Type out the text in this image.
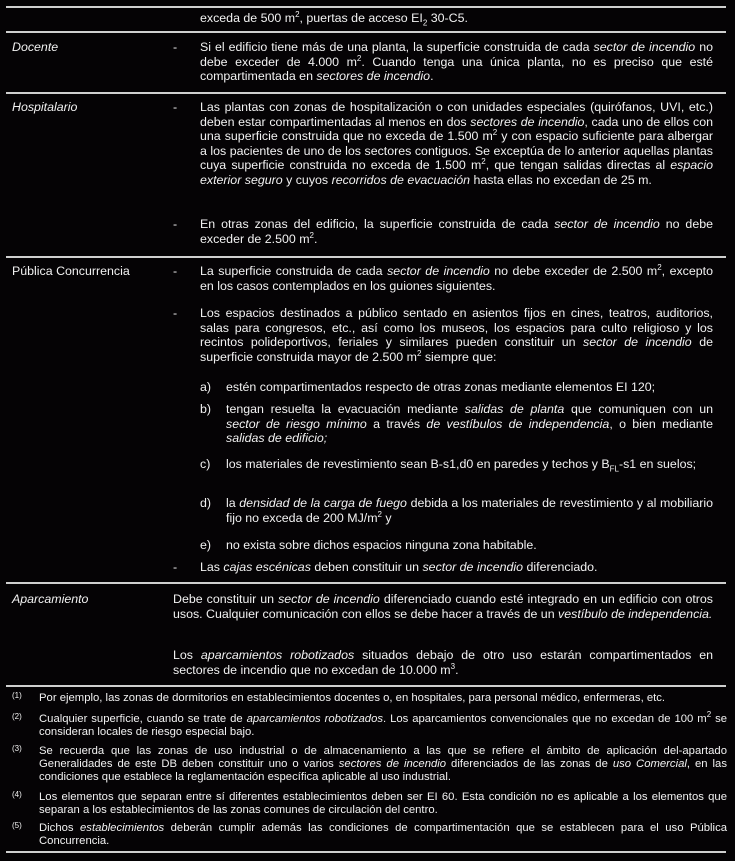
exceda de 500 $m^2$, puertas de acceso $EI_2$ 30-C5.
Docente	- Si el edificio tiene más de una planta, la superficie construida de cada sector de incendio no debe exceder de 4.000 $m^2$. Cuando tenga una única planta, no es preciso que esté compartimentada en sectores de incendio.
Hospitalario	- Las plantas con zonas de hospitalización o con unidades especiales (quirófanos, UVI, etc.) deben estar compartimentadas al menos en dos sectores de incendio, cada uno de ellos con una superficie construida que no exceda de 1.500 $m^2$ y con espacio suficiente para albergar a los pacientes de uno de los sectores contiguos. Se exceptúa de lo anterior aquellas plantas cuya superficie construida no exceda de 1.500 $m^2$, que tengan salidas directas al espacio exterior seguro y cuyos recorridos de evacuación hasta ellas no excedan de 25 m.
- En otras zonas del edificio, la superficie construida de cada sector de incendio no debe exceder de 2.500 $m^2$.
Pública Concurrencia	- La superficie construida de cada sector de incendio no debe exceder de 2.500 $m^2$, excepto en los casos contemplados en los guiones siguientes.
- Los espacios destinados a público sentado en asientos fijos en cines, teatros, auditorios, salas para congresos, etc., así como los museos, los espacios para culto religioso y los recintos polideportivos, feriales y similares pueden constituir un sector de incendio de superficie construida mayor de 2.500 $m^2$ siempre que:
a) estén compartimentados respecto de otras zonas mediante elementos EI 120;
b) tengan resuelta la evacuación mediante salidas de planta que comuniquen con un sector de riesgo mínimo a través de vestíbulos de independencia, o bien mediante salidas de edificio;
c) los materiales de revestimiento sean B-s1,d0 en paredes y techos y $B_{FL}-s1$ en suelos;
d) la densidad de la carga de fuego debida a los materiales de revestimiento y al mobiliario fijo no exceda de 200 $MJ/m^2$ y
e) no exista sobre dichos espacios ninguna zona habitable.
- Las cajas escénicas deben constituir un sector de incendio diferenciado.
Aparcamiento	Debe constituir un sector de incendio diferenciado cuando esté integrado en un edificio con otros usos. Cualquier comunicación con ellos se debe hacer a través de un vestíbulo de independencia.
Los aparcamientos robotizados situados debajo de otro uso estarán compartimentados en sectores de incendio que no excedan de 10.000 $m^3$.
(1) Por ejemplo, las zonas de dormitorios en establecimientos docentes o, en hospitales, para personal médico, enfermeras, etc.
(2) Cualquier superficie, cuando se trate de aparcamientos robotizados. Los aparcamientos convencionales que no excedan de 100 $m^2$ se consideran locales de riesgo especial bajo.
(3) Se recuerda que las zonas de uso industrial o de almacenamiento a las que se refiere el ámbito de aplicación del-apartado Generalidades de este DB deben constituir uno o varios sectores de incendio diferenciados de las zonas de uso Comercial, en las condiciones que establece la reglamentación específica aplicable al uso industrial.
(4) Los elementos que separan entre sí diferentes establecimientos deben ser EI 60. Esta condición no es aplicable a los elementos que separan a los establecimientos de las zonas comunes de circulación del centro.
(5) Dichos establecimientos deberán cumplir además las condiciones de compartimentación que se establecen para el uso Pública Concurrencia.
